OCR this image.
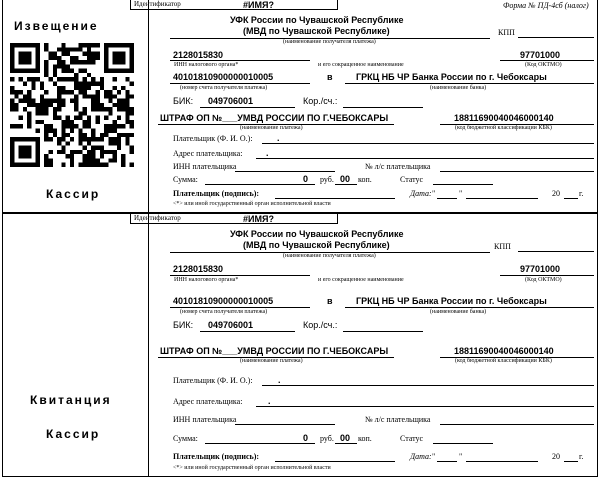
Форма № ПД-4сб (налог)
Извещение
Кассир
Квитанция
Кассир
Идентификатор	#ИМЯ?
УФК России по Чувашской Республике
(МВД по Чувашской Республике)	КПП
(наименование получателя платежа)
2128015830	97701000
ИНН налогового органа*	и его сокращенное наименование	(Код ОКТМО)
40101810900000010005	в	ГРКЦ НБ ЧР Банка России по г. Чебоксары
(номер счета получателя платежа)	(наименование банка)
БИК: 049706001	Кор./сч.:
ШТРАФ ОП №___УМВД РОССИИ ПО Г.ЧЕБОКСАРЫ	18811690040046000140
(наименование платежа)	(код бюджетной классификации КБК)
Плательщик (Ф. И. О.):	.
Адрес плательщика:	.
ИНН плательщика	№ л/с плательщика
Сумма:	0 руб. 00 коп.	Статус
Плательщик (подпись):	Дата: "	"	20 г.
<*> или иной государственный орган исполнительной власти
Идентификатор	#ИМЯ?
УФК России по Чувашской Республике
(МВД по Чувашской Республике)	КПП
(наименование получателя платежа)
2128015830	97701000
ИНН налогового органа*	и его сокращенное наименование	(Код ОКТМО)
40101810900000010005	в	ГРКЦ НБ ЧР Банка России по г. Чебоксары
(номер счета получателя платежа)	(наименование банка)
БИК: 049706001	Кор./сч.:
ШТРАФ ОП №___УМВД РОССИИ ПО Г.ЧЕБОКСАРЫ	18811690040046000140
(наименование платежа)	(код бюджетной классификации КБК)
Плательщик (Ф. И. О.):	.
Адрес плательщика:	.
ИНН плательщика	№ л/с плательщика
Сумма:	0 руб. 00 коп.	Статус
Плательщик (подпись):	Дата: "	"	20 г.
<*> или иной государственный орган исполнительной власти
